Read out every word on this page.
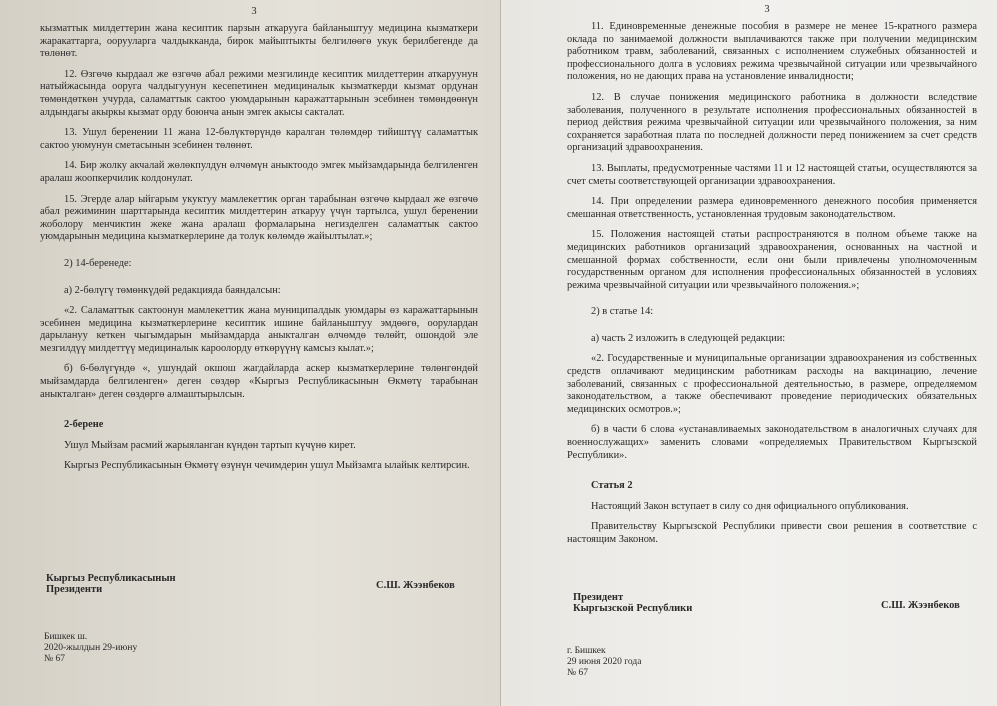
3

кызматтык милдеттерин жана кесиптик парзын аткарууга байланыштуу медицина кызматкери жаракаттарга, оорууларга чалдыкканда, бирок майыптыкты белгилөөгө укук берилбегенде да төлөнөт.

12. Өзгөчө кырдаал же өзгөчө абал режими мезгилинде кесиптик милдеттерин аткаруунун натыйжасында ооруга чалдыгуунун кесепетинен медициналык кызматкерди кызмат ордунан төмөндөткөн учурда, саламаттык сактоо уюмдарынын каражаттарынын эсебинен төмөндөөнүн алдындагы акыркы кызмат орду боюнча анын эмгек акысы сакталат.

13. Ушул беренении 11 жана 12-бөлүктөрүндө каралган төлөмдөр тийиштүү саламаттык сактоо уюмунун сметасынын эсебинен төлөнөт.

14. Бир жолку акчалай жөлөкпулдун өлчөмүн аныктоодо эмгек мыйзамдарында белгиленген аралаш жоопкерчилик колдонулат.

15. Эгерде алар ыйгарым укуктуу мамлекеттик орган тарабынан өзгөчө кырдаал же өзгөчө абал режиминин шарттарында кесиптик милдеттерин аткаруу үчүн тартылса, ушул беренении жоболору менчиктин жеке жана аралаш формаларына негизделген саламаттык сактоо уюмдарынын медицина кызматкерлерине да толук көлөмдө жайылтылат.»;

2) 14-беренеде:

а) 2-бөлүгү төмөнкүдөй редакцияда баяндалсын:

«2. Саламаттык сактоонун мамлекеттик жана муниципалдык уюмдары өз каражаттарынын эсебинен медицина кызматкерлерине кесиптик ишине байланыштуу эмдөөгө, оорулардан дарылануу кеткен чыгымдарын мыйзамдарда аныкталган өлчөмдө төлөйт, ошондой эле мезгилдүү милдеттүү медициналык кароолорду өткөрүүнү камсыз кылат.»;

б) 6-бөлүгүндө «, ушундай окшош жагдайларда аскер кызматкерлерине төлөнгөндөй мыйзамдарда белгиленген» деген сөздөр «Кыргыз Республикасынын Өкмөтү тарабынан аныкталган» деген сөздөргө алмаштырылсын.

2-берене

Ушул Мыйзам расмий жарыяланган күндөн тартып күчүнө кирет.

Кыргыз Республикасынын Өкмөтү өзүнүн чечимдерин ушул Мыйзамга ылайык келтирсин.

Кыргыз Республикасынын
Президенти	С.Ш. Жээнбеков
Бишкек ш.
2020-жылдын 29-июну
№ 67
3

11. Единовременные денежные пособия в размере не менее 15-кратного размера оклада по занимаемой должности выплачиваются также при получении медицинским работником травм, заболеваний, связанных с исполнением служебных обязанностей и профессионального долга в условиях режима чрезвычайной ситуации или чрезвычайного положения, но не дающих права на установление инвалидности;

12. В случае понижения медицинского работника в должности вследствие заболевания, полученного в результате исполнения профессиональных обязанностей в период действия режима чрезвычайной ситуации или чрезвычайного положения, за ним сохраняется заработная плата по последней должности перед понижением за счет средств организаций здравоохранения.

13. Выплаты, предусмотренные частями 11 и 12 настоящей статьи, осуществляются за счет сметы соответствующей организации здравоохранения.

14. При определении размера единовременного денежного пособия применяется смешанная ответственность, установленная трудовым законодательством.

15. Положения настоящей статьи распространяются в полном объеме также на медицинских работников организаций здравоохранения, основанных на частной и смешанной формах собственности, если они были привлечены уполномоченным государственным органом для исполнения профессиональных обязанностей в условиях режима чрезвычайной ситуации или чрезвычайного положения.»;

2) в статье 14:

а) часть 2 изложить в следующей редакции:

«2. Государственные и муниципальные организации здравоохранения из собственных средств оплачивают медицинским работникам расходы на вакцинацию, лечение заболеваний, связанных с профессиональной деятельностью, в размере, определяемом законодательством, а также обеспечивают проведение периодических обязательных медицинских осмотров.»;

б) в части 6 слова «устанавливаемых законодательством в аналогичных случаях для военнослужащих» заменить словами «определяемых Правительством Кыргызской Республики».

Статья 2

Настоящий Закон вступает в силу со дня официального опубликования.

Правительству Кыргызской Республики привести свои решения в соответствие с настоящим Законом.

Президент
Кыргызской Республики	С.Ш. Жээнбеков
г. Бишкек
29 июня 2020 года
№ 67
